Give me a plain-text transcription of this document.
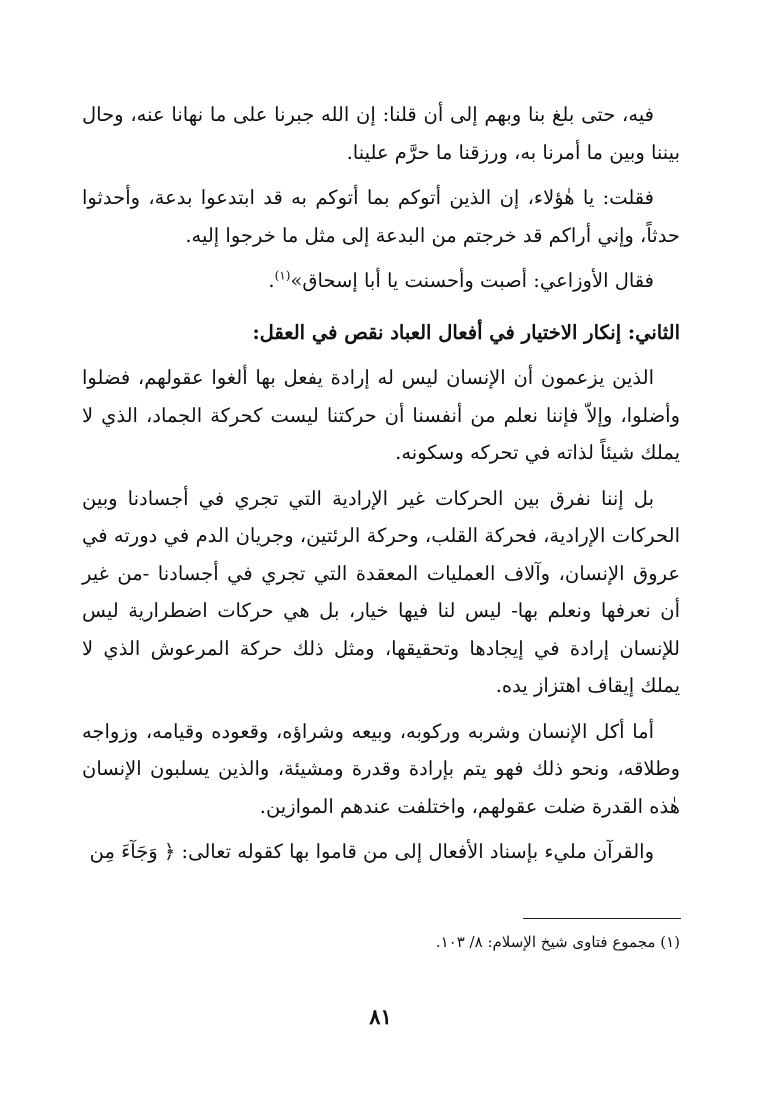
فيه، حتى بلغ بنا وبهم إلى أن قلنا: إن الله جبرنا على ما نهانا عنه، وحال بيننا وبين ما أمرنا به، ورزقنا ما حرَّم علينا.

فقلت: يا هٰؤلاء، إن الذين أتوكم بما أتوكم به قد ابتدعوا بدعة، وأحدثوا حدثاً، وإني أراكم قد خرجتم من البدعة إلى مثل ما خرجوا إليه.

فقال الأوزاعي: أصبت وأحسنت يا أبا إسحاق»$^{(١)}$.

الثاني: إنكار الاختيار في أفعال العباد نقص في العقل:

الذين يزعمون أن الإنسان ليس له إرادة يفعل بها ألغوا عقولهم، فضلوا وأضلوا، وإلاّ فإننا نعلم من أنفسنا أن حركتنا ليست كحركة الجماد، الذي لا يملك شيئاً لذاته في تحركه وسكونه.

بل إننا نفرق بين الحركات غير الإرادية التي تجري في أجسادنا وبين الحركات الإرادية، فحركة القلب، وحركة الرئتين، وجريان الدم في دورته في عروق الإنسان، وآلاف العمليات المعقدة التي تجري في أجسادنا -من غير أن نعرفها ونعلم بها- ليس لنا فيها خيار، بل هي حركات اضطرارية ليس للإنسان إرادة في إيجادها وتحقيقها، ومثل ذلك حركة المرعوش الذي لا يملك إيقاف اهتزاز يده.

أما أكل الإنسان وشربه وركوبه، وبيعه وشراؤه، وقعوده وقيامه، وزواجه وطلاقه، ونحو ذلك فهو يتم بإرادة وقدرة ومشيئة، والذين يسلبون الإنسان هٰذه القدرة ضلت عقولهم، واختلفت عندهم الموازين.

والقرآن مليء بإسناد الأفعال إلى من قاموا بها كقوله تعالى: ﴿ وَجَآءَ مِن

(١) مجموع فتاوى شيخ الإسلام: ٨/ ١٠٣.
٨١
